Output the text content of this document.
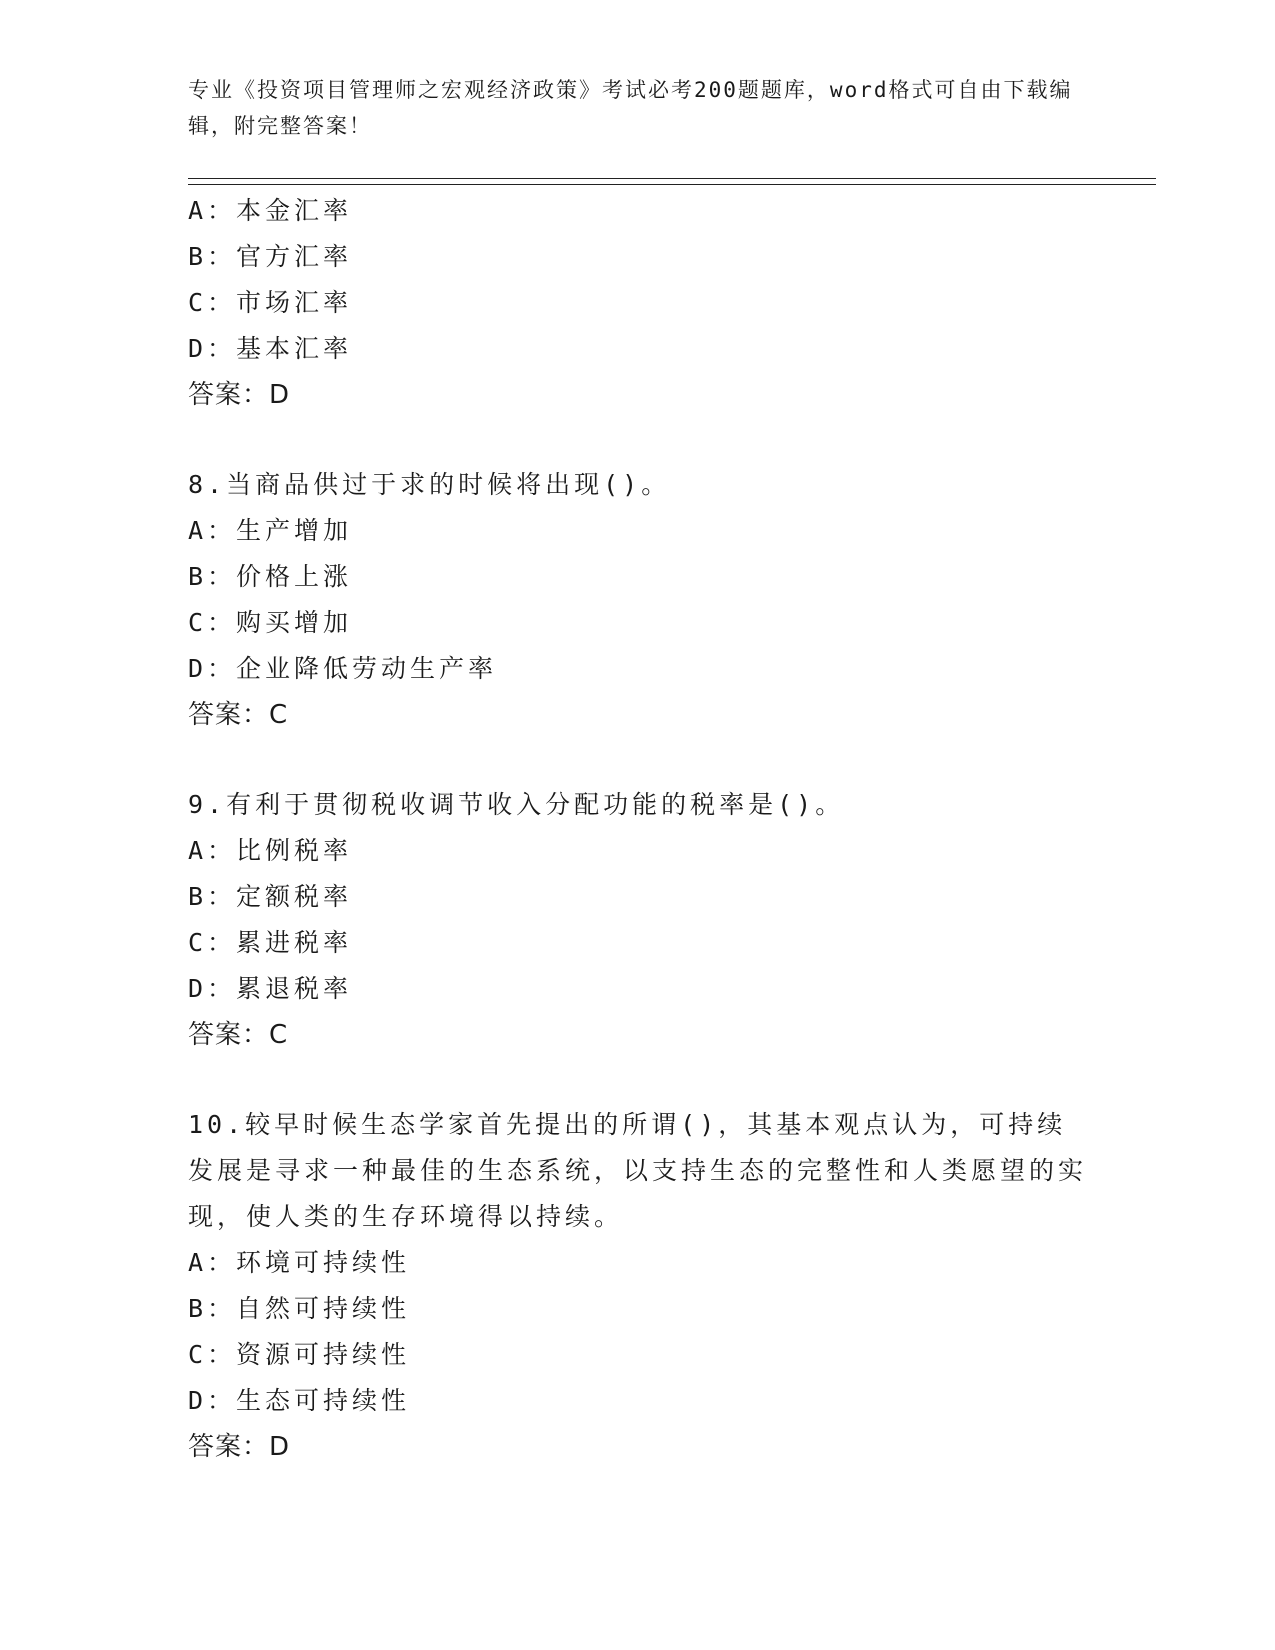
专业《投资项目管理师之宏观经济政策》考试必考200题题库，word格式可自由下载编辑，附完整答案！
A：本金汇率
B：官方汇率
C：市场汇率
D：基本汇率
答案：D
8.当商品供过于求的时候将出现()。
A：生产增加
B：价格上涨
C：购买增加
D：企业降低劳动生产率
答案：C
9.有利于贯彻税收调节收入分配功能的税率是()。
A：比例税率
B：定额税率
C：累进税率
D：累退税率
答案：C
10.较早时候生态学家首先提出的所谓()，其基本观点认为，可持续发展是寻求一种最佳的生态系统，以支持生态的完整性和人类愿望的实现，使人类的生存环境得以持续。
A：环境可持续性
B：自然可持续性
C：资源可持续性
D：生态可持续性
答案：D
